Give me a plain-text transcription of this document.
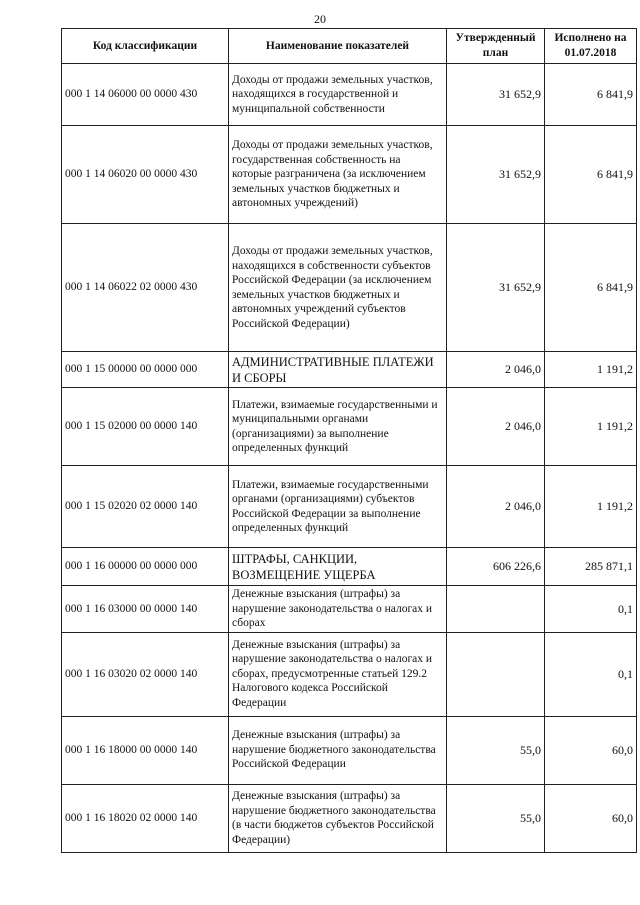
20
Код классификации	Наименование показателей	Утвержденный план	Исполнено на 01.07.2018
000 1 14 06000 00 0000 430	Доходы от продажи земельных участков, находящихся в государственной и муниципальной собственности	31 652,9	6 841,9
000 1 14 06020 00 0000 430	Доходы от продажи земельных участков, государственная собственность на которые разграничена (за исключением земельных участков бюджетных и автономных учреждений)	31 652,9	6 841,9
000 1 14 06022 02 0000 430	Доходы от продажи земельных участков, находящихся в собственности субъектов Российской Федерации (за исключением земельных участков бюджетных и автономных учреждений субъектов Российской Федерации)	31 652,9	6 841,9
000 1 15 00000 00 0000 000	АДМИНИСТРАТИВНЫЕ ПЛАТЕЖИ И СБОРЫ	2 046,0	1 191,2
000 1 15 02000 00 0000 140	Платежи, взимаемые государственными и муниципальными органами (организациями) за выполнение определенных функций	2 046,0	1 191,2
000 1 15 02020 02 0000 140	Платежи, взимаемые государственными органами (организациями) субъектов Российской Федерации за выполнение определенных функций	2 046,0	1 191,2
000 1 16 00000 00 0000 000	ШТРАФЫ, САНКЦИИ, ВОЗМЕЩЕНИЕ УЩЕРБА	606 226,6	285 871,1
000 1 16 03000 00 0000 140	Денежные взыскания (штрафы) за нарушение законодательства о налогах и сборах		0,1
000 1 16 03020 02 0000 140	Денежные взыскания (штрафы) за нарушение законодательства о налогах и сборах, предусмотренные статьей 129.2 Налогового кодекса Российской Федерации		0,1
000 1 16 18000 00 0000 140	Денежные взыскания (штрафы) за нарушение бюджетного законодательства Российской Федерации	55,0	60,0
000 1 16 18020 02 0000 140	Денежные взыскания (штрафы) за нарушение бюджетного законодательства (в части бюджетов субъектов Российской Федерации)	55,0	60,0
